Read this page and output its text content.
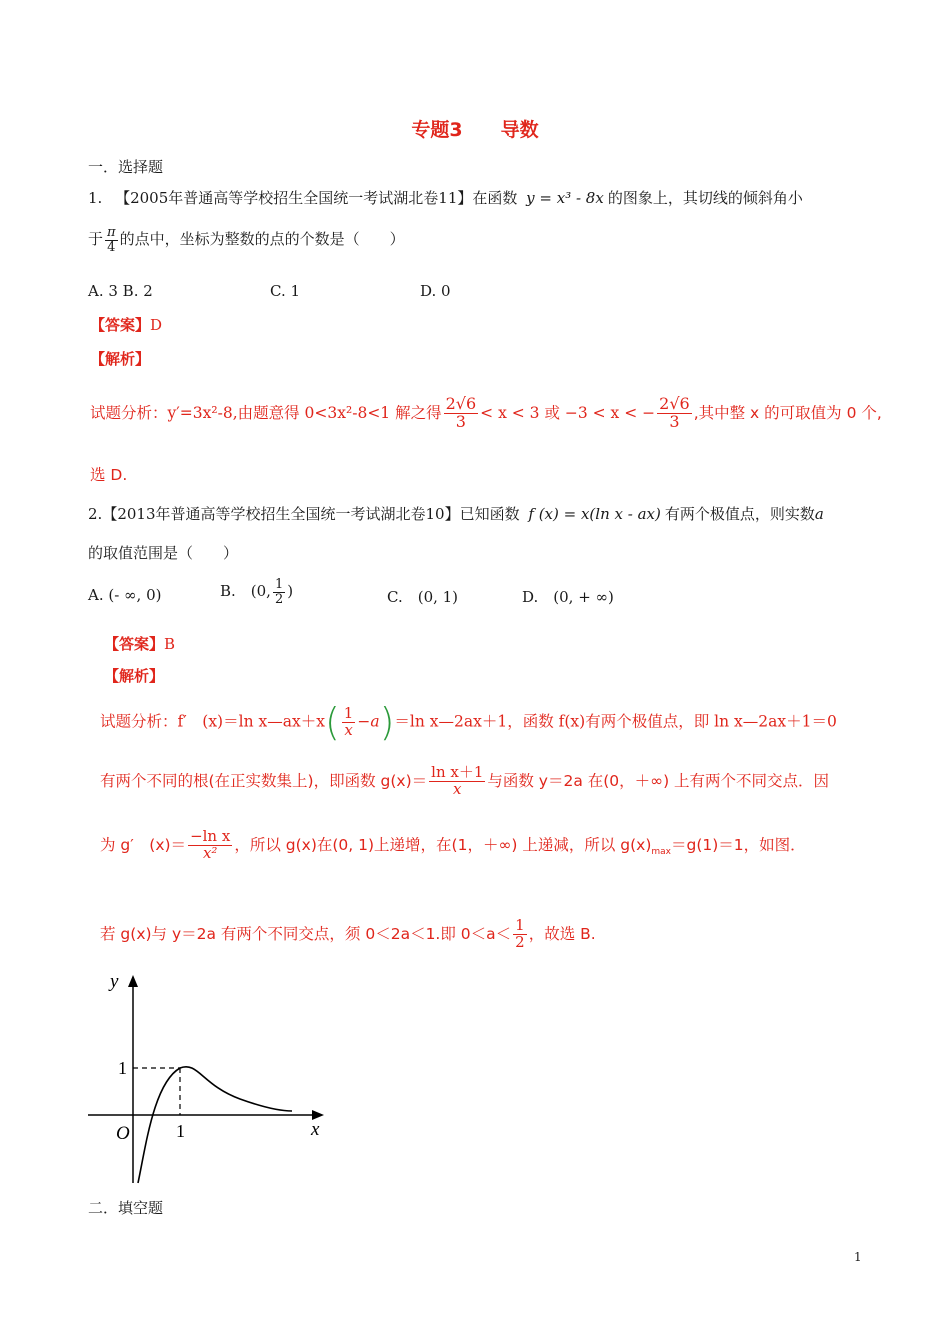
专题3　　导数
一．选择题
1. 【2005年普通高等学校招生全国统一考试湖北卷11】在函数 y = x³ - 8x 的图象上，其切线的倾斜角小
于 $\frac{\pi}{4}$ 的点中，坐标为整数的点的个数是（　　）
A. 3 B. 2	C. 1	D. 0
【答案】D
【解析】
试题分析：y′=3x²-8,由题意得 0<3x²-8<1 解之得 $\frac{2√6}{3} < x < 3$ 或 −3 < x < − $\frac{2√6}{3}$ ,其中整 x 的可取值为 0 个,
选 D.
2.【2013年普通高等学校招生全国统一考试湖北卷10】已知函数 f (x) = x(ln x - ax) 有两个极值点，则实数a
的取值范围是（　　）
A. (- ∞, 0)	B.　(0, $\frac{1}{2}$ )	C.　(0, 1)	D.　(0, + ∞)
【答案】B
【解析】
试题分析：f′　(x)＝ln x—ax＋x( $\frac{1}{x} -a)=\ln$ x—2ax＋1，函数 f(x)有两个极值点，即 ln x—2ax＋1＝0
有两个不同的根(在正实数集上)，即函数 $g(x)= \frac{\text{ln x＋1}}{x}$ 与函数 y＝2a 在(0，＋∞) 上有两个不同交点．因
为 g′　$(x)= \frac{\text{−ln x}}{\text{x²}}$ ，所以 g(x)在(0, 1)上递增，在(1，＋∞) 上递减，所以 $g(x)_{max}=g(1)=1$，如图．
若 g(x)与 y＝2a 有两个不同交点，须 0＜2a＜1.即 $0<a< \frac{1}{2}$ ，故选 B.
y
x
O
1
1
二．填空题
1
